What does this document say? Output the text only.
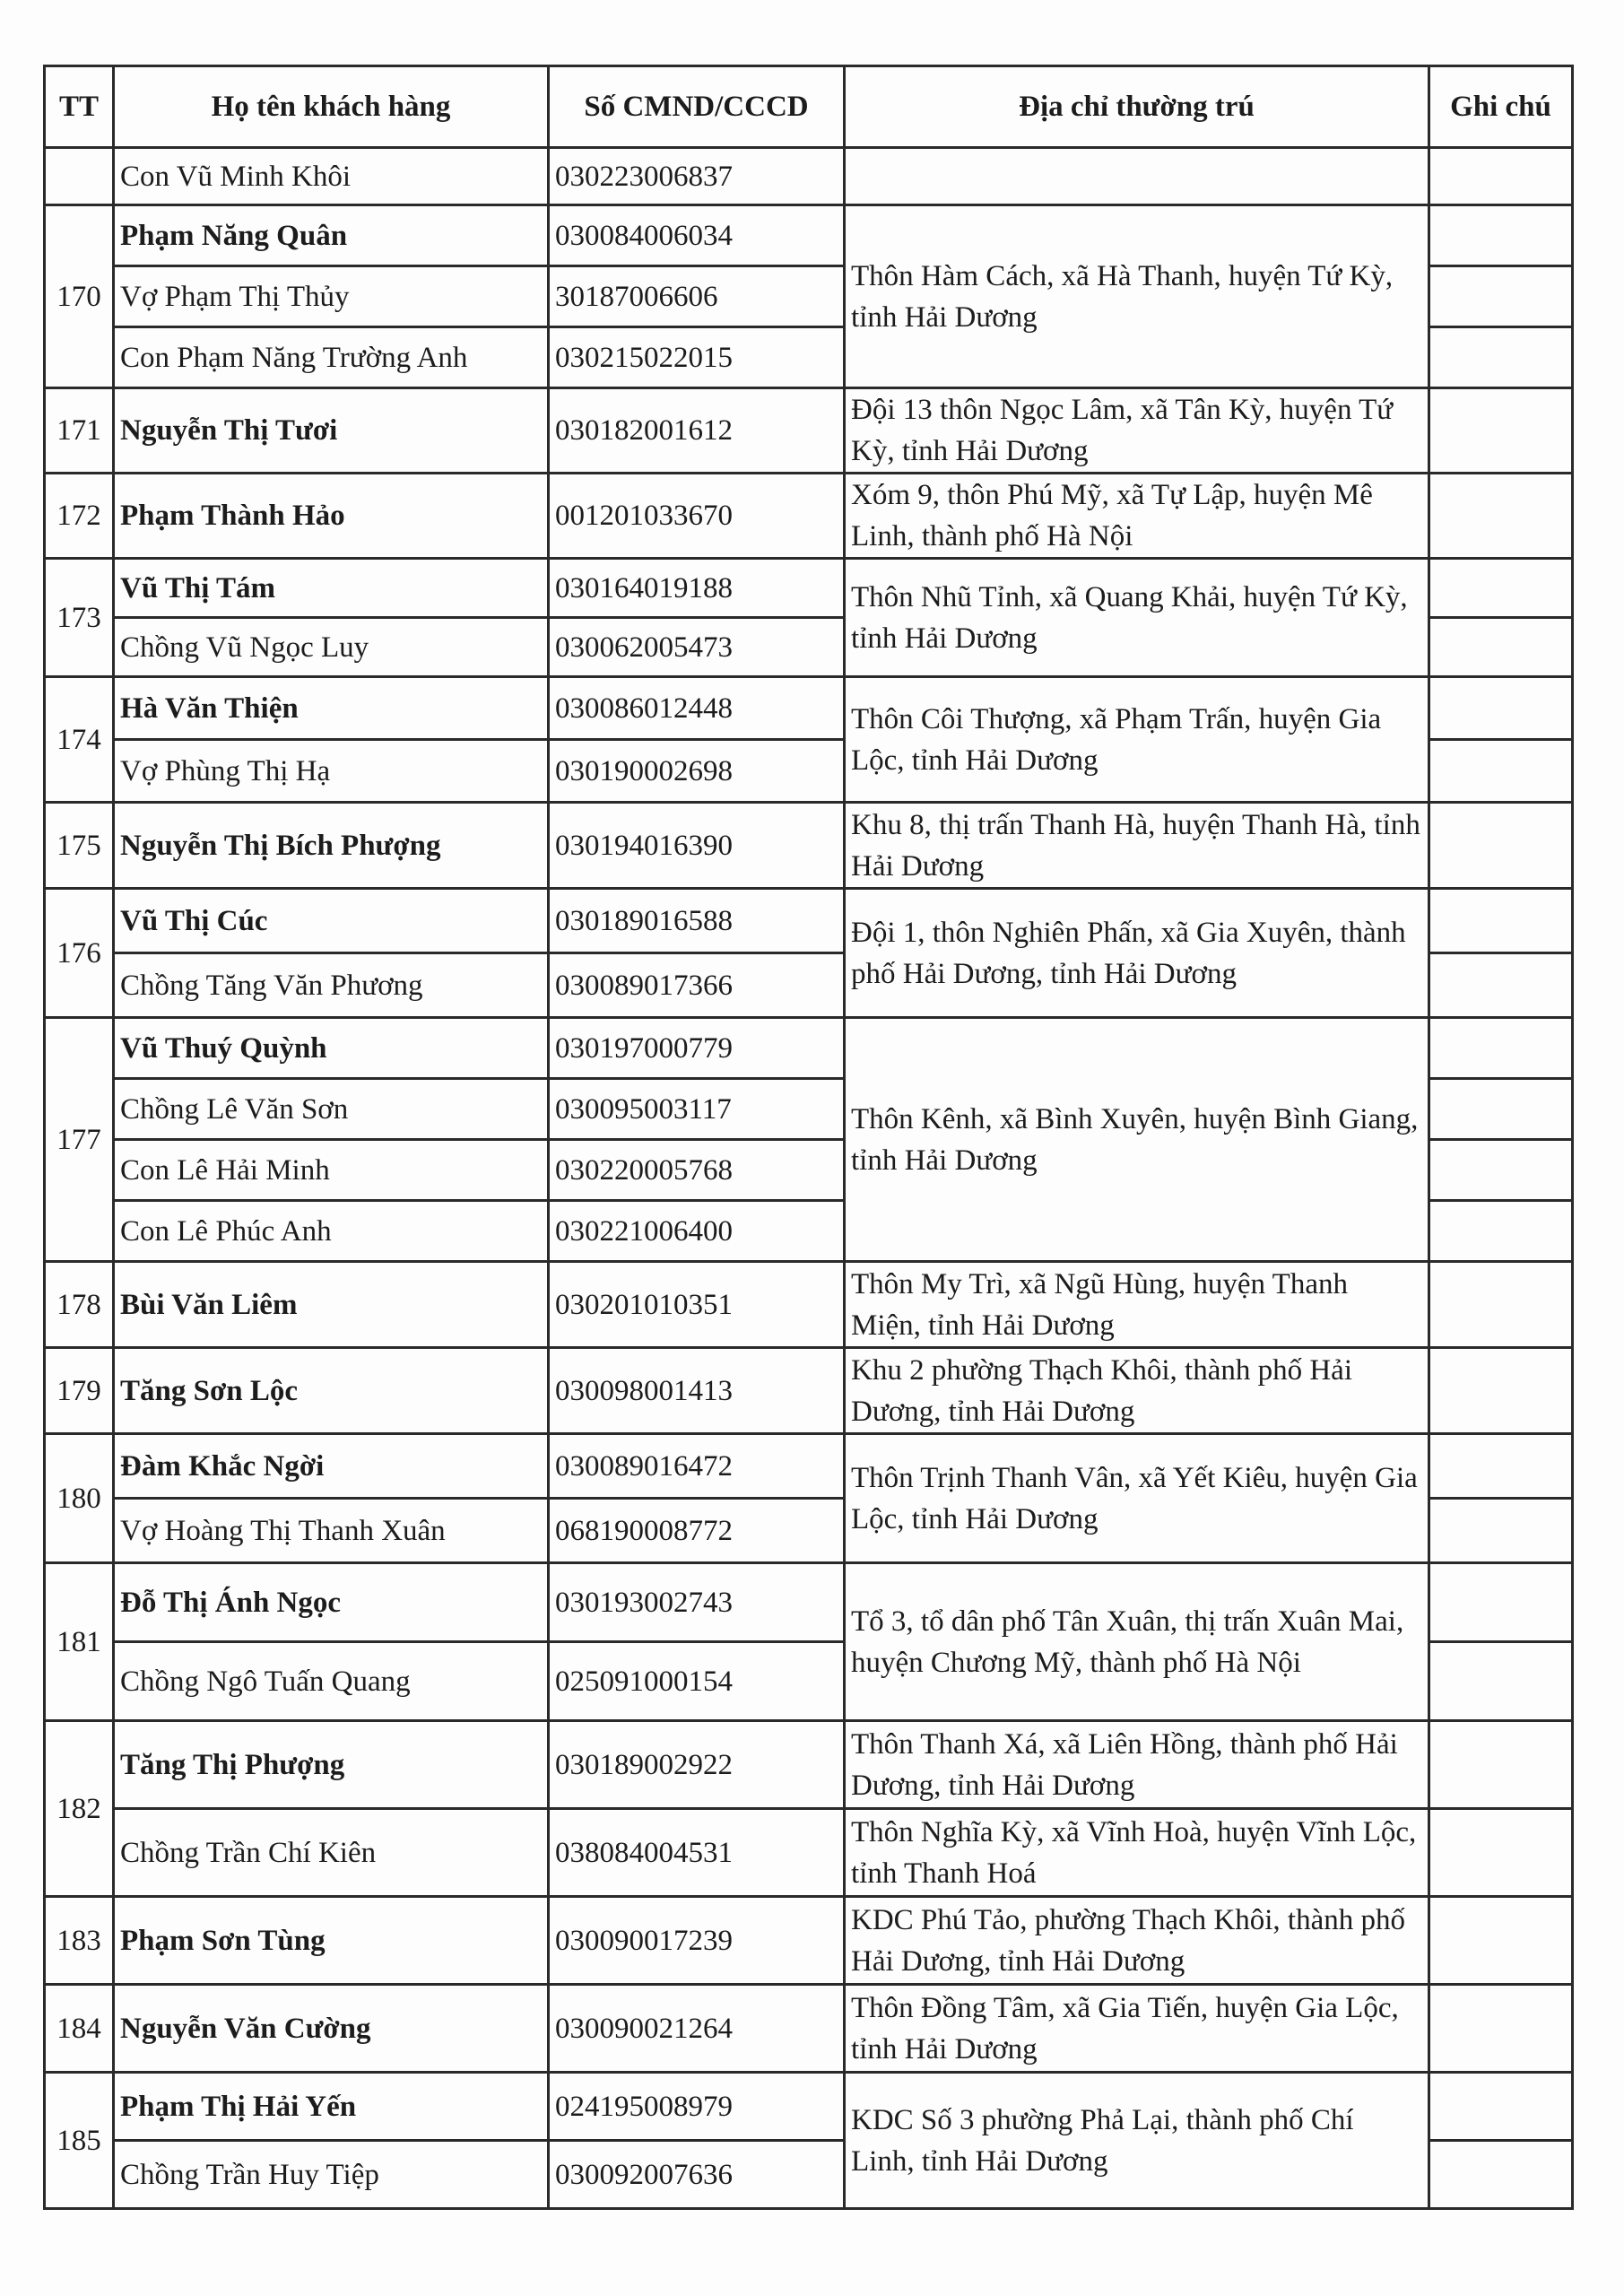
TT	Họ tên khách hàng	Số CMND/CCCD	Địa chỉ thường trú	Ghi chú
	Con Vũ Minh Khôi	030223006837		
170	Phạm Năng Quân	030084006034	Thôn Hàm Cách, xã Hà Thanh, huyện Tứ Kỳ, tỉnh Hải Dương	
	Vợ Phạm Thị Thủy	30187006606		
	Con Phạm Năng Trường Anh	030215022015		
171	Nguyễn Thị Tươi	030182001612	Đội 13 thôn Ngọc Lâm, xã Tân Kỳ, huyện Tứ Kỳ, tỉnh Hải Dương	
172	Phạm Thành Hảo	001201033670	Xóm 9, thôn Phú Mỹ, xã Tự Lập, huyện Mê Linh, thành phố Hà Nội	
173	Vũ Thị Tám	030164019188	Thôn Nhũ Tỉnh, xã Quang Khải, huyện Tứ Kỳ, tỉnh Hải Dương	
	Chồng Vũ Ngọc Luy	030062005473		
174	Hà Văn Thiện	030086012448	Thôn Côi Thượng, xã Phạm Trấn, huyện Gia Lộc, tỉnh Hải Dương	
	Vợ Phùng Thị Hạ	030190002698		
175	Nguyễn Thị Bích Phượng	030194016390	Khu 8, thị trấn Thanh Hà, huyện Thanh Hà, tỉnh Hải Dương	
176	Vũ Thị Cúc	030189016588	Đội 1, thôn Nghiên Phấn, xã Gia Xuyên, thành phố Hải Dương, tỉnh Hải Dương	
	Chồng Tăng Văn Phương	030089017366		
177	Vũ Thuý Quỳnh	030197000779	Thôn Kênh, xã Bình Xuyên, huyện Bình Giang, tỉnh Hải Dương	
	Chồng Lê Văn Sơn	030095003117		
	Con Lê Hải Minh	030220005768		
	Con Lê Phúc Anh	030221006400		
178	Bùi Văn Liêm	030201010351	Thôn My Trì, xã Ngũ Hùng, huyện Thanh Miện, tỉnh Hải Dương	
179	Tăng Sơn Lộc	030098001413	Khu 2 phường Thạch Khôi, thành phố Hải Dương, tỉnh Hải Dương	
180	Đàm Khắc Ngời	030089016472	Thôn Trịnh Thanh Vân, xã Yết Kiêu, huyện Gia Lộc, tỉnh Hải Dương	
	Vợ Hoàng Thị Thanh Xuân	068190008772		
181	Đỗ Thị Ánh Ngọc	030193002743	Tổ 3, tổ dân phố Tân Xuân, thị trấn Xuân Mai, huyện Chương Mỹ, thành phố Hà Nội	
	Chồng Ngô Tuấn Quang	025091000154		
182	Tăng Thị Phượng	030189002922	Thôn Thanh Xá, xã Liên Hồng, thành phố Hải Dương, tỉnh Hải Dương	
	Chồng Trần Chí Kiên	038084004531	Thôn Nghĩa Kỳ, xã Vĩnh Hoà, huyện Vĩnh Lộc, tỉnh Thanh Hoá	
183	Phạm Sơn Tùng	030090017239	KDC Phú Tảo, phường Thạch Khôi, thành phố Hải Dương, tỉnh Hải Dương	
184	Nguyễn Văn Cường	030090021264	Thôn Đồng Tâm, xã Gia Tiến, huyện Gia Lộc, tỉnh Hải Dương	
185	Phạm Thị Hải Yến	024195008979	KDC Số 3 phường Phả Lại, thành phố Chí Linh, tỉnh Hải Dương	
	Chồng Trần Huy Tiệp	030092007636		
